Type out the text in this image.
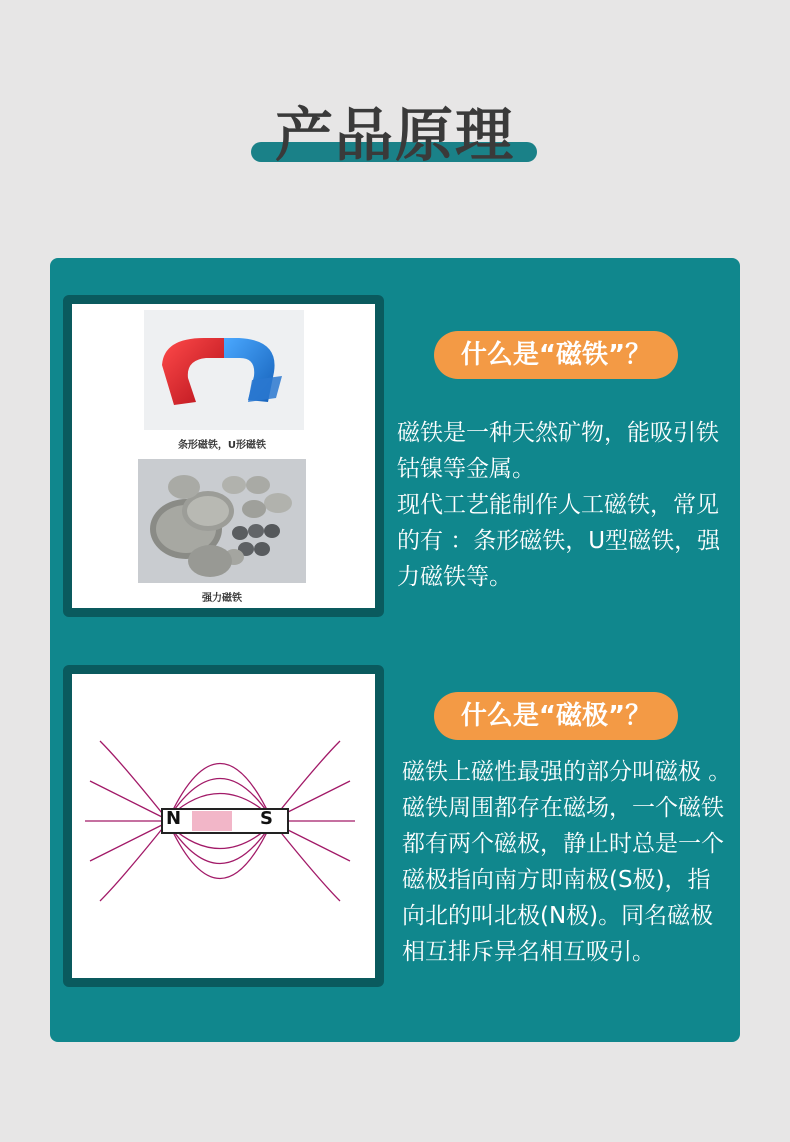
产品原理
条形磁铁，U形磁铁
强力磁铁
什么是“磁铁”？

磁铁是一种天然矿物，能吸引铁钴镍等金属。

现代工艺能制作人工磁铁，常见的有 ：条形磁铁，U型磁铁，强力磁铁等。

N	S
什么是“磁极”？

磁铁上磁性最强的部分叫磁极 。磁铁周围都存在磁场，一个磁铁都有两个磁极，静止时总是一个磁极指向南方即南极(S极)，指向北的叫北极(N极)。同名磁极相互排斥异名相互吸引。
